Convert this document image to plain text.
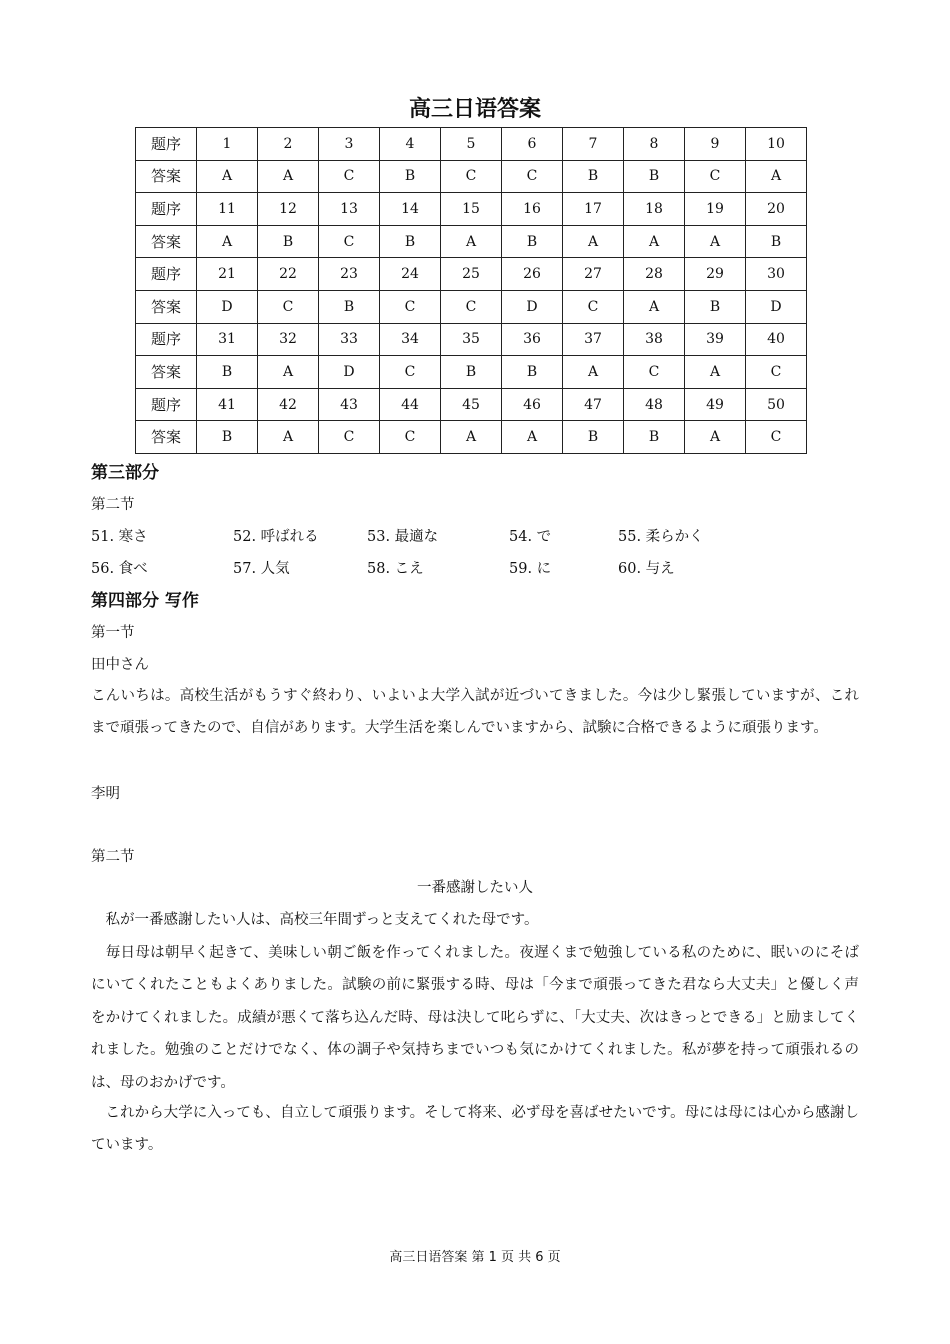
高三日语答案
题序	1	2	3	4	5	6	7	8	9	10
答案	A	A	C	B	C	C	B	B	C	A
题序	11	12	13	14	15	16	17	18	19	20
答案	A	B	C	B	A	B	A	A	A	B
题序	21	22	23	24	25	26	27	28	29	30
答案	D	C	B	C	C	D	C	A	B	D
题序	31	32	33	34	35	36	37	38	39	40
答案	B	A	D	C	B	B	A	C	A	C
题序	41	42	43	44	45	46	47	48	49	50
答案	B	A	C	C	A	A	B	B	A	C
第三部分
第二节
51. 寒さ	52. 呼ばれる	53. 最適な	54. で	55. 柔らかく
56. 食べ	57. 人気	58. こえ	59. に	60. 与え
第四部分 写作
第一节
田中さん

こんいちは。高校生活がもうすぐ終わり、いよいよ大学入試が近づいてきました。今は少し緊張していますが、これまで頑張ってきたので、自信があります。大学生活を楽しんでいますから、試験に合格できるように頑張ります。

李明
第二节
一番感謝したい人

　私が一番感謝したい人は、高校三年間ずっと支えてくれた母です。

　毎日母は朝早く起きて、美味しい朝ご飯を作ってくれました。夜遅くまで勉強している私のために、眠いのにそばにいてくれたこともよくありました。試験の前に緊張する時、母は「今まで頑張ってきた君なら大丈夫」と優しく声をかけてくれました。成績が悪くて落ち込んだ時、母は決して叱らずに、「大丈夫、次はきっとできる」と励ましてくれました。勉強のことだけでなく、体の調子や気持ちまでいつも気にかけてくれました。私が夢を持って頑張れるのは、母のおかげです。

　これから大学に入っても、自立して頑張ります。そして将来、必ず母を喜ばせたいです。母には母には心から感謝しています。

高三日语答案 第 1 页 共 6 页
